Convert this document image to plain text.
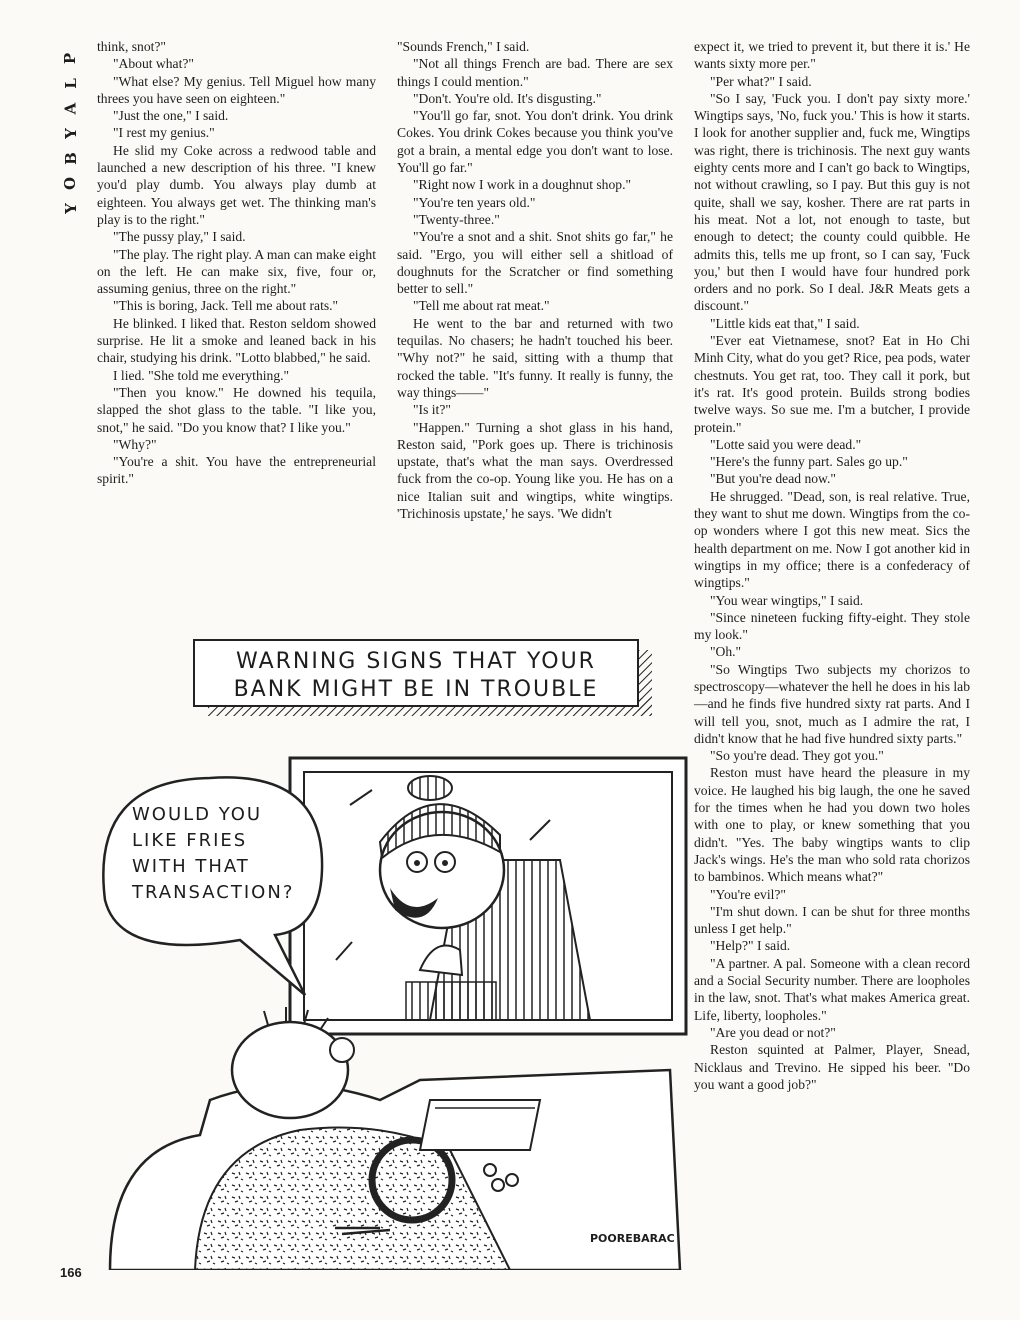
P
L
A
Y
B
O
Y

think, snot?"

"About what?"

"What else? My genius. Tell Miguel how many threes you have seen on eighteen."

"Just the one," I said.

"I rest my genius."

He slid my Coke across a redwood table and launched a new description of his three. "I knew you'd play dumb. You always play dumb at eighteen. You always get wet. The thinking man's play is to the right."

"The pussy play," I said.

"The play. The right play. A man can make eight on the left. He can make six, five, four or, assuming genius, three on the right."

"This is boring, Jack. Tell me about rats."

He blinked. I liked that. Reston seldom showed surprise. He lit a smoke and leaned back in his chair, studying his drink. "Lotto blabbed," he said.

I lied. "She told me everything."

"Then you know." He downed his tequila, slapped the shot glass to the table. "I like you, snot," he said. "Do you know that? I like you."

"Why?"

"You're a shit. You have the entrepreneurial spirit."

"Sounds French," I said.

"Not all things French are bad. There are sex things I could mention."

"Don't. You're old. It's disgusting."

"You'll go far, snot. You don't drink. You drink Cokes. You drink Cokes because you think you've got a brain, a mental edge you don't want to lose. You'll go far."

"Right now I work in a doughnut shop."

"You're ten years old."

"Twenty-three."

"You're a snot and a shit. Snot shits go far," he said. "Ergo, you will either sell a shitload of doughnuts for the Scratcher or find something better to sell."

"Tell me about rat meat."

He went to the bar and returned with two tequilas. No chasers; he hadn't touched his beer. "Why not?" he said, sitting with a thump that rocked the table. "It's funny. It really is funny, the way things——"

"Is it?"

"Happen." Turning a shot glass in his hand, Reston said, "Pork goes up. There is trichinosis upstate, that's what the man says. Overdressed fuck from the co-op. Young like you. He has on a nice Italian suit and wingtips, white wingtips. 'Trichinosis upstate,' he says. 'We didn't

expect it, we tried to prevent it, but there it is.' He wants sixty more per."

"Per what?" I said.

"So I say, 'Fuck you. I don't pay sixty more.' Wingtips says, 'No, fuck you.' This is how it starts. I look for another supplier and, fuck me, Wingtips was right, there is trichinosis. The next guy wants eighty cents more and I can't go back to Wingtips, not without crawling, so I pay. But this guy is not quite, shall we say, kosher. There are rat parts in his meat. Not a lot, not enough to taste, but enough to detect; the county could quibble. He admits this, tells me up front, so I can say, 'Fuck you,' but then I would have four hundred pork orders and no pork. So I deal. J&R Meats gets a discount."

"Little kids eat that," I said.

"Ever eat Vietnamese, snot? Eat in Ho Chi Minh City, what do you get? Rice, pea pods, water chestnuts. You get rat, too. They call it pork, but it's rat. It's good protein. Builds strong bodies twelve ways. So sue me. I'm a butcher, I provide protein."

"Lotte said you were dead."

"Here's the funny part. Sales go up."

"But you're dead now."

He shrugged. "Dead, son, is real relative. True, they want to shut me down. Wingtips from the co-op wonders where I got this new meat. Sics the health department on me. Now I got another kid in wingtips in my office; there is a confederacy of wingtips."

"You wear wingtips," I said.

"Since nineteen fucking fifty-eight. They stole my look."

"Oh."

"So Wingtips Two subjects my chorizos to spectroscopy—whatever the hell he does in his lab—and he finds five hundred sixty rat parts. And I will tell you, snot, much as I admire the rat, I didn't know that he had five hundred sixty parts."

"So you're dead. They got you."

Reston must have heard the pleasure in my voice. He laughed his big laugh, the one he saved for the times when he had you down two holes with one to play, or knew something that you didn't. "Yes. The baby wingtips wants to clip Jack's wings. He's the man who sold rata chorizos to bambinos. Which means what?"

"You're evil?"

"I'm shut down. I can be shut for three months unless I get help."

"Help?" I said.

"A partner. A pal. Someone with a clean record and a Social Security number. There are loopholes in the law, snot. That's what makes America great. Life, liberty, loopholes."

"Are you dead or not?"

Reston squinted at Palmer, Player, Snead, Nicklaus and Trevino. He sipped his beer. "Do you want a good job?"

166
WARNING SIGNS THAT YOUR
BANK MIGHT BE IN TROUBLE
WOULD YOU
LIKE FRIES
WITH THAT
TRANSACTION?
POOREBARAC
